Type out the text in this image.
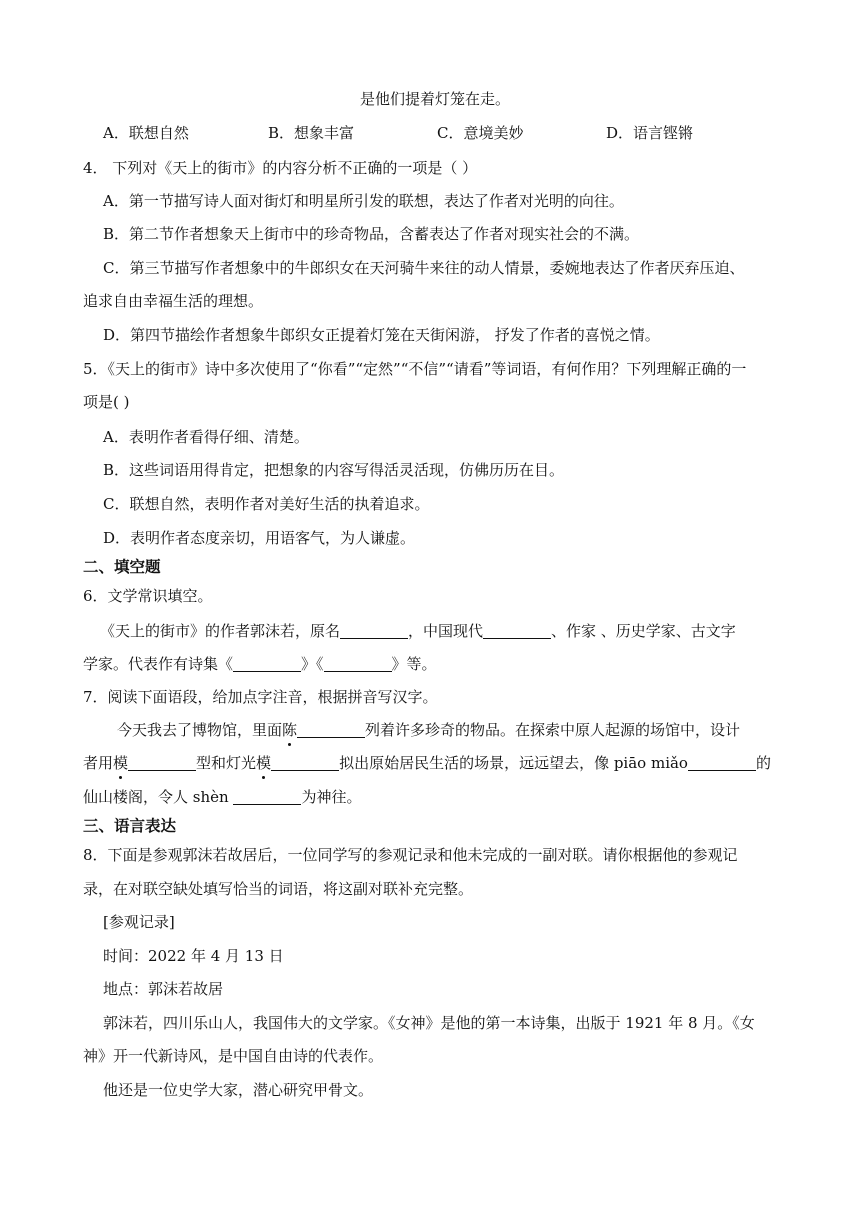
是他们提着灯笼在走。
A．联想自然	B．想象丰富	C．意境美妙	D．语言铿锵
4． 下列对《天上的街市》的内容分析不正确的一项是（ ）
A．第一节描写诗人面对街灯和明星所引发的联想，表达了作者对光明的向往。
B．第二节作者想象天上街市中的珍奇物品，含蓄表达了作者对现实社会的不满。
C．第三节描写作者想象中的牛郎织女在天河骑牛来往的动人情景，委婉地表达了作者厌弃压迫、
追求自由幸福生活的理想。
D．第四节描绘作者想象牛郎织女正提着灯笼在天街闲游， 抒发了作者的喜悦之情。
5．《天上的街市》诗中多次使用了“你看”“定然”“不信”“请看”等词语，有何作用？下列理解正确的一
项是( )
A．表明作者看得仔细、清楚。
B．这些词语用得肯定，把想象的内容写得活灵活现，仿佛历历在目。
C．联想自然，表明作者对美好生活的执着追求。
D．表明作者态度亲切，用语客气，为人谦虚。
二、填空题
6．文学常识填空。
《天上的街市》的作者郭沫若，原名	，中国现代	、作家 、历史学家、古文字
学家。代表作有诗集《	》《	》等。
7．阅读下面语段，给加点字注音，根据拼音写汉字。
今天我去了博物馆，里面陈	列着许多珍奇的物品。在探索中原人起源的场馆中，设计
者用模	型和灯光模	拟出原始居民生活的场景，远远望去，像 piāo miǎo	的
仙山楼阁，令人 shèn	为神往。
三、语言表达
8．下面是参观郭沫若故居后，一位同学写的参观记录和他未完成的一副对联。请你根据他的参观记
录，在对联空缺处填写恰当的词语，将这副对联补充完整。
[参观记录]
时间：2022 年 4 月 13 日
地点：郭沫若故居
郭沫若，四川乐山人，我国伟大的文学家。《女神》是他的第一本诗集，出版于 1921 年 8 月。《女
神》开一代新诗风，是中国自由诗的代表作。
他还是一位史学大家，潜心研究甲骨文。
